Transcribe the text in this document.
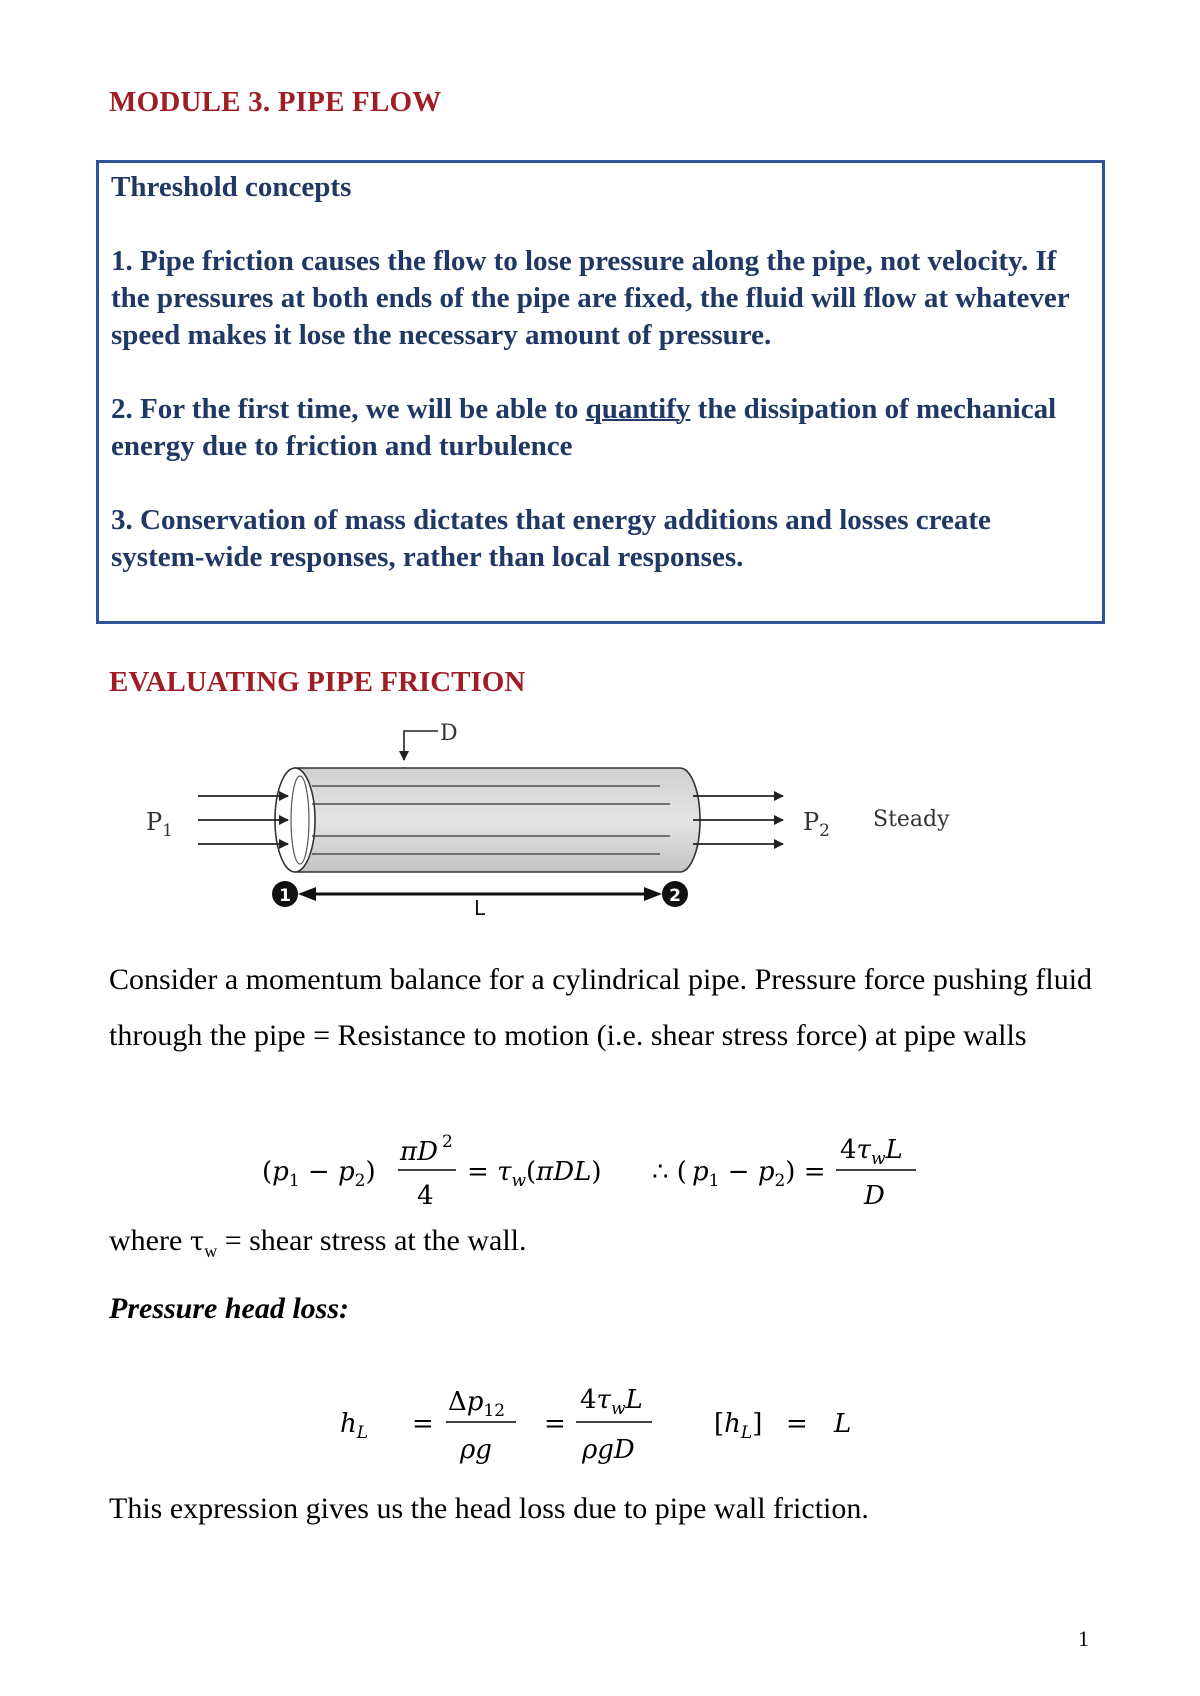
MODULE 3. PIPE FLOW

Threshold concepts

1. Pipe friction causes the flow to lose pressure along the pipe, not velocity. If the pressures at both ends of the pipe are fixed, the fluid will flow at whatever speed makes it lose the necessary amount of pressure.

2. For the first time, we will be able to quantify the dissipation of mechanical energy due to friction and turbulence

3. Conservation of mass dictates that energy additions and losses create system-wide responses, rather than local responses.

EVALUATING PIPE FRICTION
D
$P_1$	$P_2$ Steady
1	2
L
Consider a momentum balance for a cylindrical pipe. Pressure force pushing fluid through the pipe = Resistance to motion (i.e. shear stress force) at pipe walls
$(p_1 - p_2)$
πD 2
4
= $\tau_w(\pi DL)$ ∴ ( $p_1 - p_2$) =
$4\tau_wL$
D
where $\tau_w$ = shear stress at the wall.
Pressure head loss:
$h_L$ =
$\Delta p_{12}$
ρg
=
$4\tau_wL$
ρgD
$[h_L] = L$
This expression gives us the head loss due to pipe wall friction.
1
